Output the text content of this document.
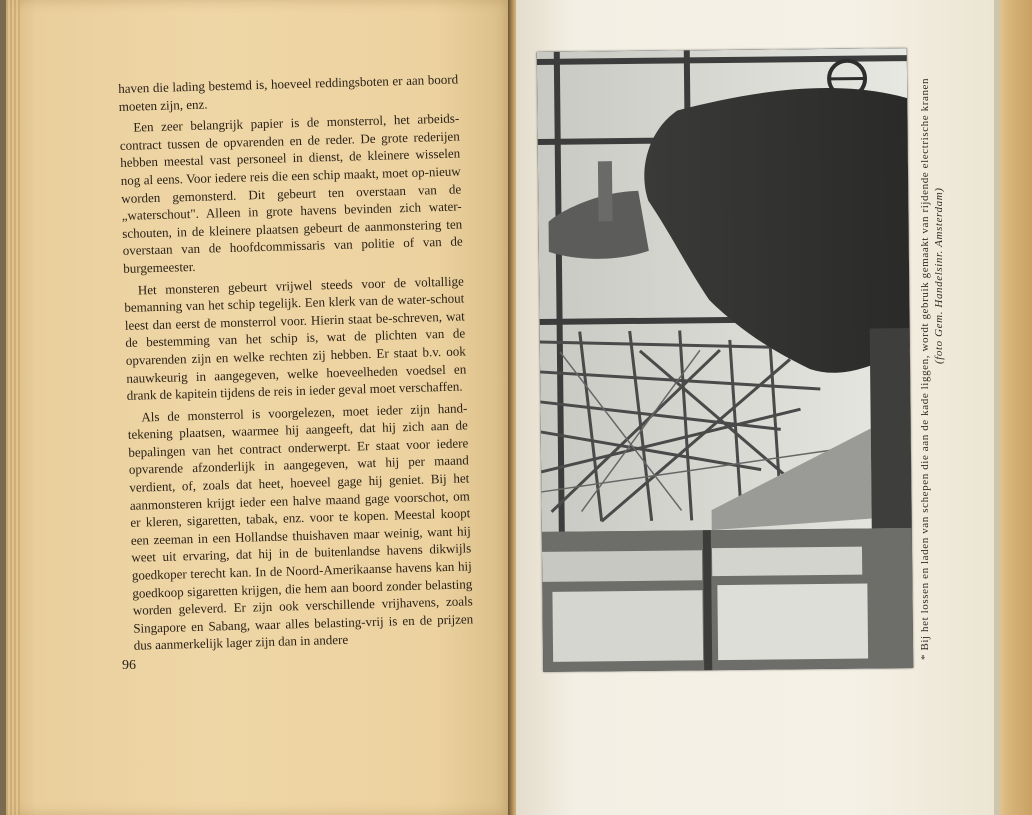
haven die lading bestemd is, hoeveel reddingsboten er aan boord moeten zijn, enz.

Een zeer belangrijk papier is de monsterrol, het arbeids-contract tussen de opvarenden en de reder. De grote rederijen hebben meestal vast personeel in dienst, de kleinere wisselen nog al eens. Voor iedere reis die een schip maakt, moet op-nieuw worden gemonsterd. Dit gebeurt ten overstaan van de „waterschout". Alleen in grote havens bevinden zich water-schouten, in de kleinere plaatsen gebeurt de aanmonstering ten overstaan van de hoofdcommissaris van politie of van de burgemeester.

Het monsteren gebeurt vrijwel steeds voor de voltallige bemanning van het schip tegelijk. Een klerk van de water-schout leest dan eerst de monsterrol voor. Hierin staat be-schreven, wat de bestemming van het schip is, wat de plichten van de opvarenden zijn en welke rechten zij hebben. Er staat b.v. ook nauwkeurig in aangegeven, welke hoeveelheden voedsel en drank de kapitein tijdens de reis in ieder geval moet verschaffen.

Als de monsterrol is voorgelezen, moet ieder zijn hand-tekening plaatsen, waarmee hij aangeeft, dat hij zich aan de bepalingen van het contract onderwerpt. Er staat voor iedere opvarende afzonderlijk in aangegeven, wat hij per maand verdient, of, zoals dat heet, hoeveel gage hij geniet. Bij het aanmonsteren krijgt ieder een halve maand gage voorschot, om er kleren, sigaretten, tabak, enz. voor te kopen. Meestal koopt een zeeman in een Hollandse thuishaven maar weinig, want hij weet uit ervaring, dat hij in de buitenlandse havens dikwijls goedkoper terecht kan. In de Noord-Amerikaanse havens kan hij goedkoop sigaretten krijgen, die hem aan boord zonder belasting worden geleverd. Er zijn ook verschillende vrijhavens, zoals Singapore en Sabang, waar alles belasting-vrij is en de prijzen dus aanmerkelijk lager zijn dan in andere

96
* Bij het lossen en laden van schepen die aan de kade liggen, wordt gebruik gemaakt van rijdende electrische kranen (foto Gem. Handelsinr. Amsterdam)
